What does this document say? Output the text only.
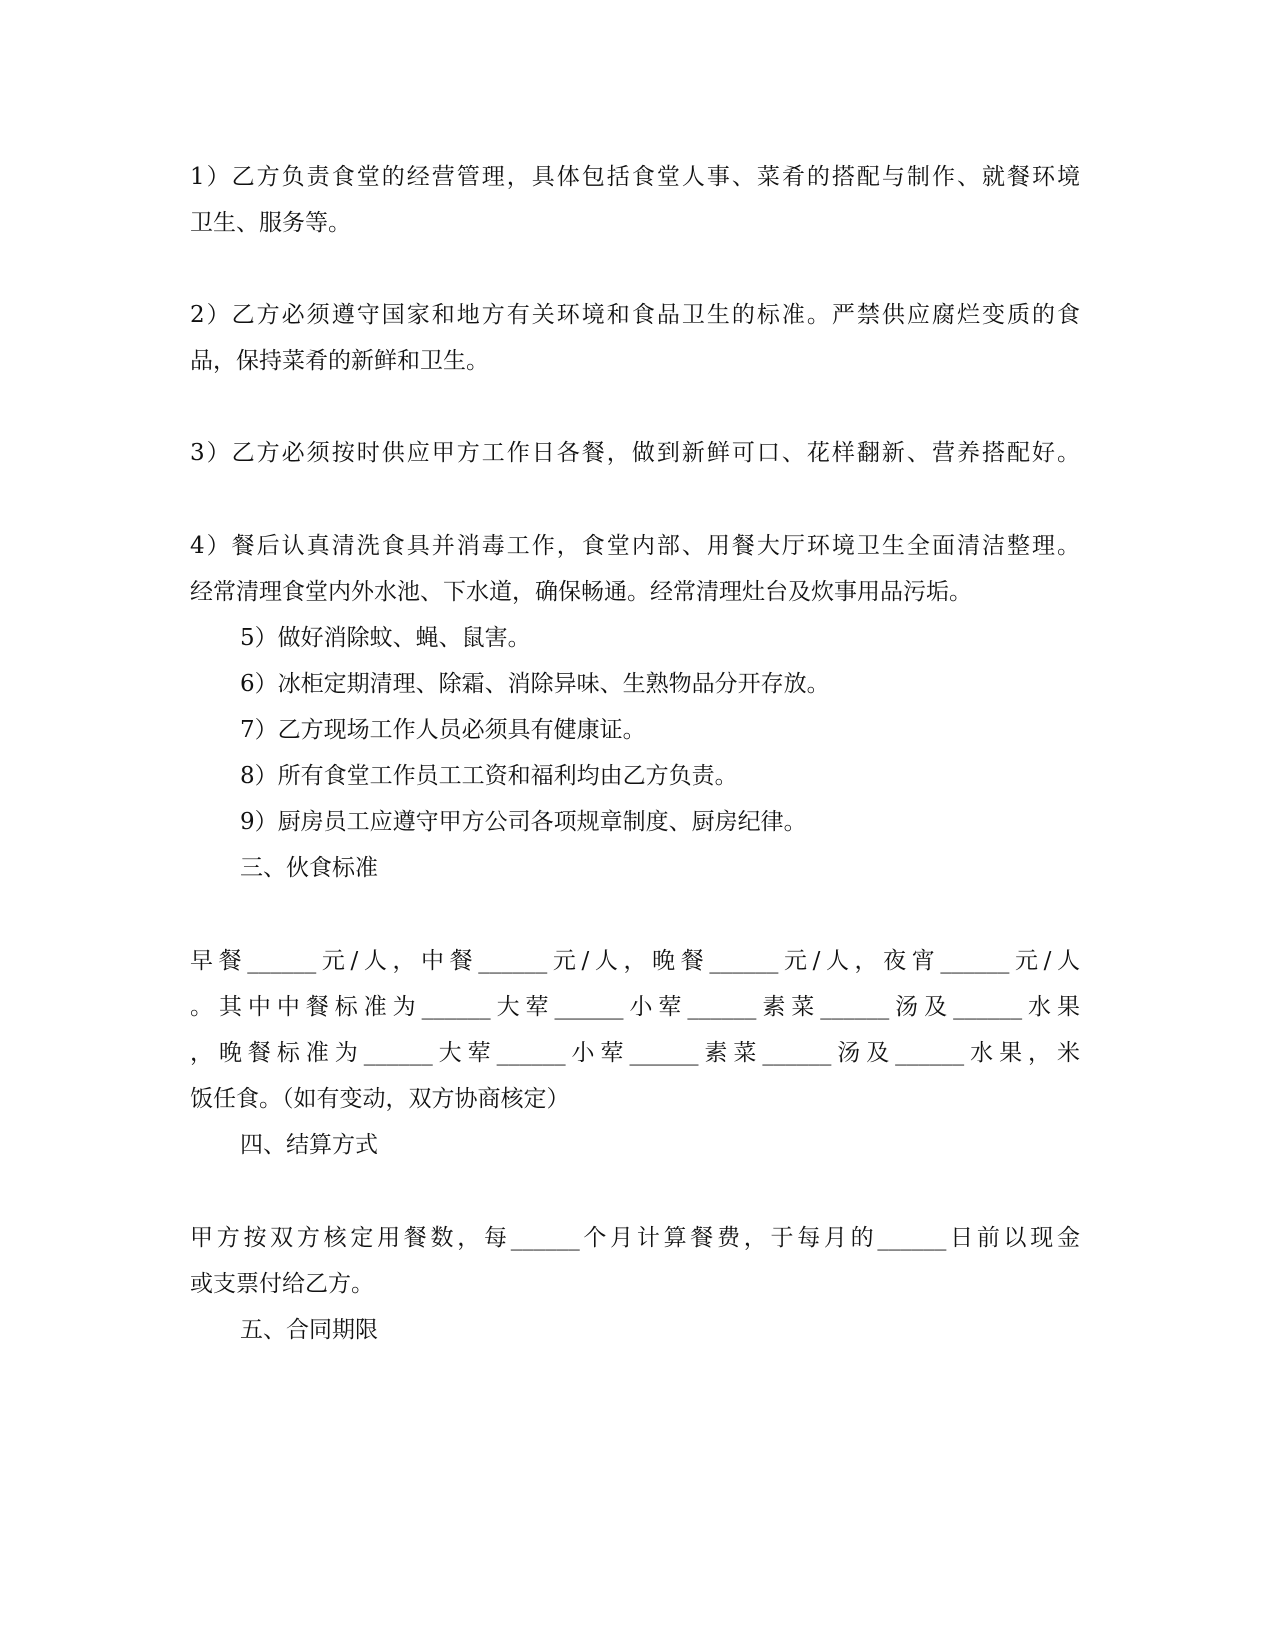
1）乙方负责食堂的经营管理，具体包括食堂人事、菜肴的搭配与制作、就餐环境
卫生、服务等。
2）乙方必须遵守国家和地方有关环境和食品卫生的标准。严禁供应腐烂变质的食
品，保持菜肴的新鲜和卫生。
3）乙方必须按时供应甲方工作日各餐，做到新鲜可口、花样翻新、营养搭配好。
4）餐后认真清洗食具并消毒工作，食堂内部、用餐大厅环境卫生全面清洁整理。
经常清理食堂内外水池、下水道，确保畅通。经常清理灶台及炊事用品污垢。
5）做好消除蚊、蝇、鼠害。
6）冰柜定期清理、除霜、消除异味、生熟物品分开存放。
7）乙方现场工作人员必须具有健康证。
8）所有食堂工作员工工资和福利均由乙方负责。
9）厨房员工应遵守甲方公司各项规章制度、厨房纪律。
三、伙食标准
早餐______元/人，中餐______元/人，晚餐______元/人，夜宵______元/人
。其中中餐标准为______大荤______小荤______素菜______汤及______水果
，晚餐标准为______大荤______小荤______素菜______汤及______水果，米
饭任食。（如有变动，双方协商核定）
四、结算方式
甲方按双方核定用餐数，每______个月计算餐费，于每月的______日前以现金
或支票付给乙方。
五、合同期限
